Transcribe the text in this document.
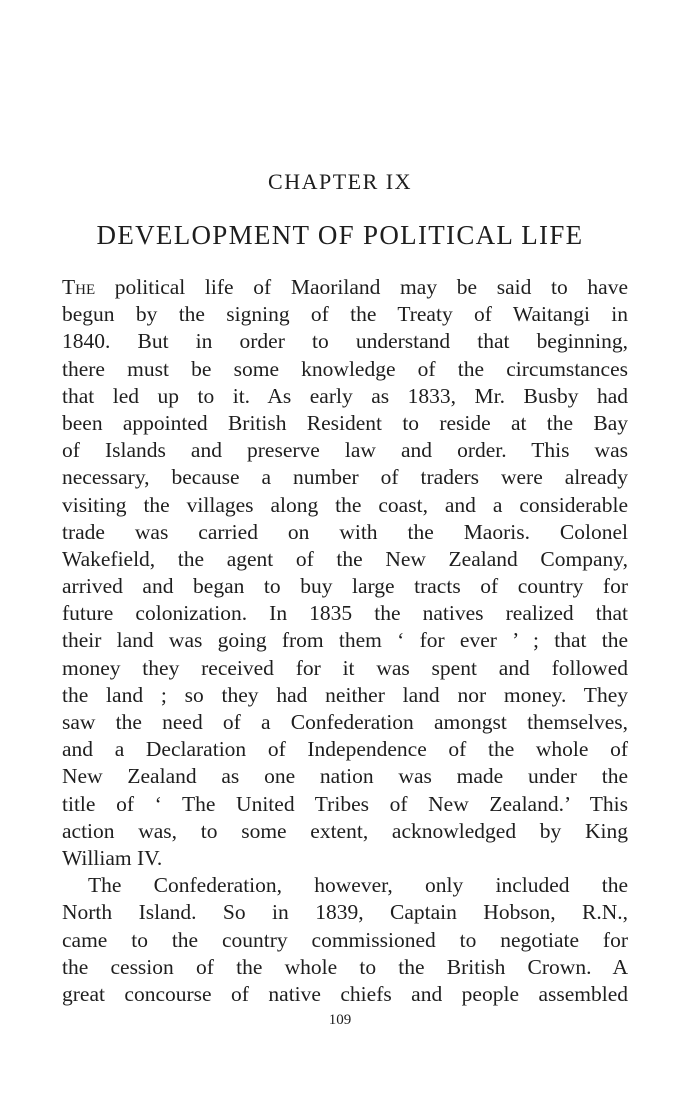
CHAPTER IX
DEVELOPMENT OF POLITICAL LIFE
The political life of Maoriland may be said to have
begun by the signing of the Treaty of Waitangi in
1840. But in order to understand that beginning,
there must be some knowledge of the circumstances
that led up to it. As early as 1833, Mr. Busby had
been appointed British Resident to reside at the Bay
of Islands and preserve law and order. This was
necessary, because a number of traders were already
visiting the villages along the coast, and a considerable
trade was carried on with the Maoris. Colonel
Wakefield, the agent of the New Zealand Company,
arrived and began to buy large tracts of country for
future colonization. In 1835 the natives realized that
their land was going from them ‘ for ever ’ ; that the
money they received for it was spent and followed
the land ; so they had neither land nor money. They
saw the need of a Confederation amongst themselves,
and a Declaration of Independence of the whole of
New Zealand as one nation was made under the
title of ‘ The United Tribes of New Zealand.’ This
action was, to some extent, acknowledged by King
William IV.
The Confederation, however, only included the
North Island. So in 1839, Captain Hobson, R.N.,
came to the country commissioned to negotiate for
the cession of the whole to the British Crown. A
great concourse of native chiefs and people assembled
109
